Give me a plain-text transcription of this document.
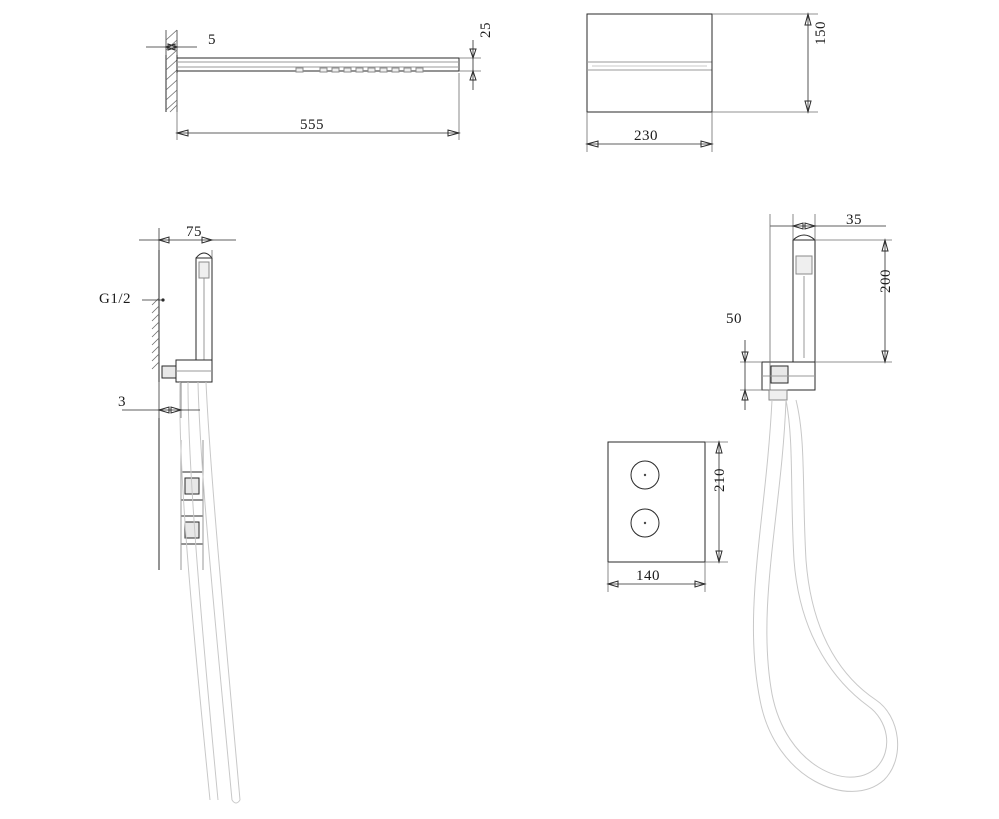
5
25
555
150
230
75
3
G1/2
50
35
200
210
140
